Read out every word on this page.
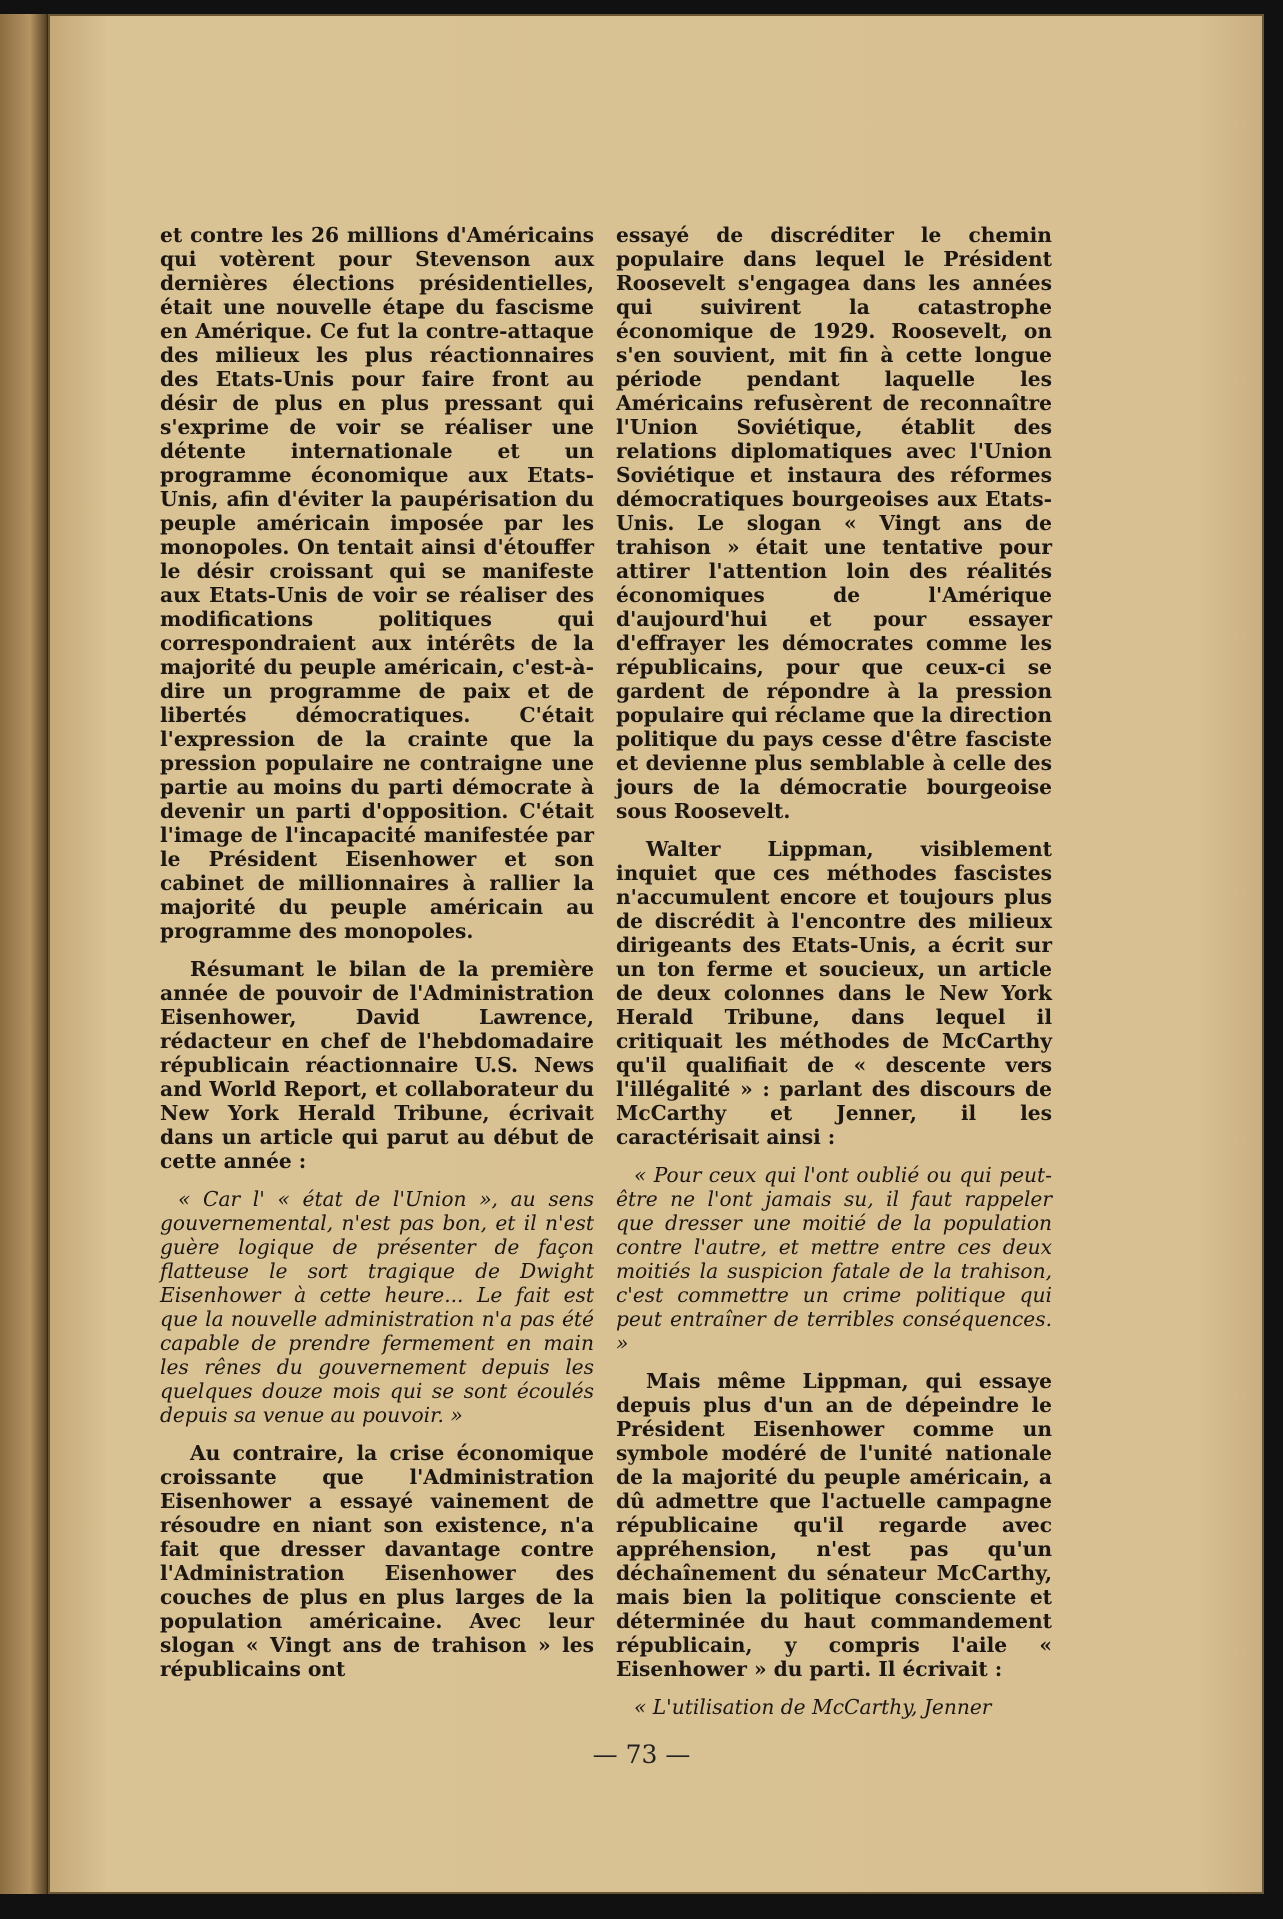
et contre les 26 millions d'Américains qui votèrent pour Stevenson aux dernières élections présidentielles, était une nouvelle étape du fascisme en Amérique. Ce fut la contre-attaque des milieux les plus réactionnaires des Etats-Unis pour faire front au désir de plus en plus pressant qui s'exprime de voir se réaliser une détente internationale et un programme économique aux Etats-Unis, afin d'éviter la paupérisation du peuple américain imposée par les monopoles. On tentait ainsi d'étouffer le désir croissant qui se manifeste aux Etats-Unis de voir se réaliser des modifications politiques qui correspondraient aux intérêts de la majorité du peuple américain, c'est-à-dire un programme de paix et de libertés démocratiques. C'était l'expression de la crainte que la pression populaire ne contraigne une partie au moins du parti démocrate à devenir un parti d'opposition. C'était l'image de l'incapacité manifestée par le Président Eisenhower et son cabinet de millionnaires à rallier la majorité du peuple américain au programme des monopoles.

Résumant le bilan de la première année de pouvoir de l'Administration Eisenhower, David Lawrence, rédacteur en chef de l'hebdomadaire républicain réactionnaire U.S. News and World Report, et collaborateur du New York Herald Tribune, écrivait dans un article qui parut au début de cette année :

« Car l' « état de l'Union », au sens gouvernemental, n'est pas bon, et il n'est guère logique de présenter de façon flatteuse le sort tragique de Dwight Eisenhower à cette heure... Le fait est que la nouvelle administration n'a pas été capable de prendre fermement en main les rênes du gouvernement depuis les quelques douze mois qui se sont écoulés depuis sa venue au pouvoir. »

Au contraire, la crise économique croissante que l'Administration Eisenhower a essayé vainement de résoudre en niant son existence, n'a fait que dresser davantage contre l'Administration Eisenhower des couches de plus en plus larges de la population américaine. Avec leur slogan « Vingt ans de trahison » les républicains ont

essayé de discréditer le chemin populaire dans lequel le Président Roosevelt s'engagea dans les années qui suivirent la catastrophe économique de 1929. Roosevelt, on s'en souvient, mit fin à cette longue période pendant laquelle les Américains refusèrent de reconnaître l'Union Soviétique, établit des relations diplomatiques avec l'Union Soviétique et instaura des réformes démocratiques bourgeoises aux Etats-Unis. Le slogan « Vingt ans de trahison » était une tentative pour attirer l'attention loin des réalités économiques de l'Amérique d'aujourd'hui et pour essayer d'effrayer les démocrates comme les républicains, pour que ceux-ci se gardent de répondre à la pression populaire qui réclame que la direction politique du pays cesse d'être fasciste et devienne plus semblable à celle des jours de la démocratie bourgeoise sous Roosevelt.

Walter Lippman, visiblement inquiet que ces méthodes fascistes n'accumulent encore et toujours plus de discrédit à l'encontre des milieux dirigeants des Etats-Unis, a écrit sur un ton ferme et soucieux, un article de deux colonnes dans le New York Herald Tribune, dans lequel il critiquait les méthodes de McCarthy qu'il qualifiait de « descente vers l'illégalité » : parlant des discours de McCarthy et Jenner, il les caractérisait ainsi :

« Pour ceux qui l'ont oublié ou qui peut-être ne l'ont jamais su, il faut rappeler que dresser une moitié de la population contre l'autre, et mettre entre ces deux moitiés la suspicion fatale de la trahison, c'est commettre un crime politique qui peut entraîner de terribles conséquences. »

Mais même Lippman, qui essaye depuis plus d'un an de dépeindre le Président Eisenhower comme un symbole modéré de l'unité nationale de la majorité du peuple américain, a dû admettre que l'actuelle campagne républicaine qu'il regarde avec appréhension, n'est pas qu'un déchaînement du sénateur McCarthy, mais bien la politique consciente et déterminée du haut commandement républicain, y compris l'aile « Eisenhower » du parti. Il écrivait :

« L'utilisation de McCarthy, Jenner

— 73 —
